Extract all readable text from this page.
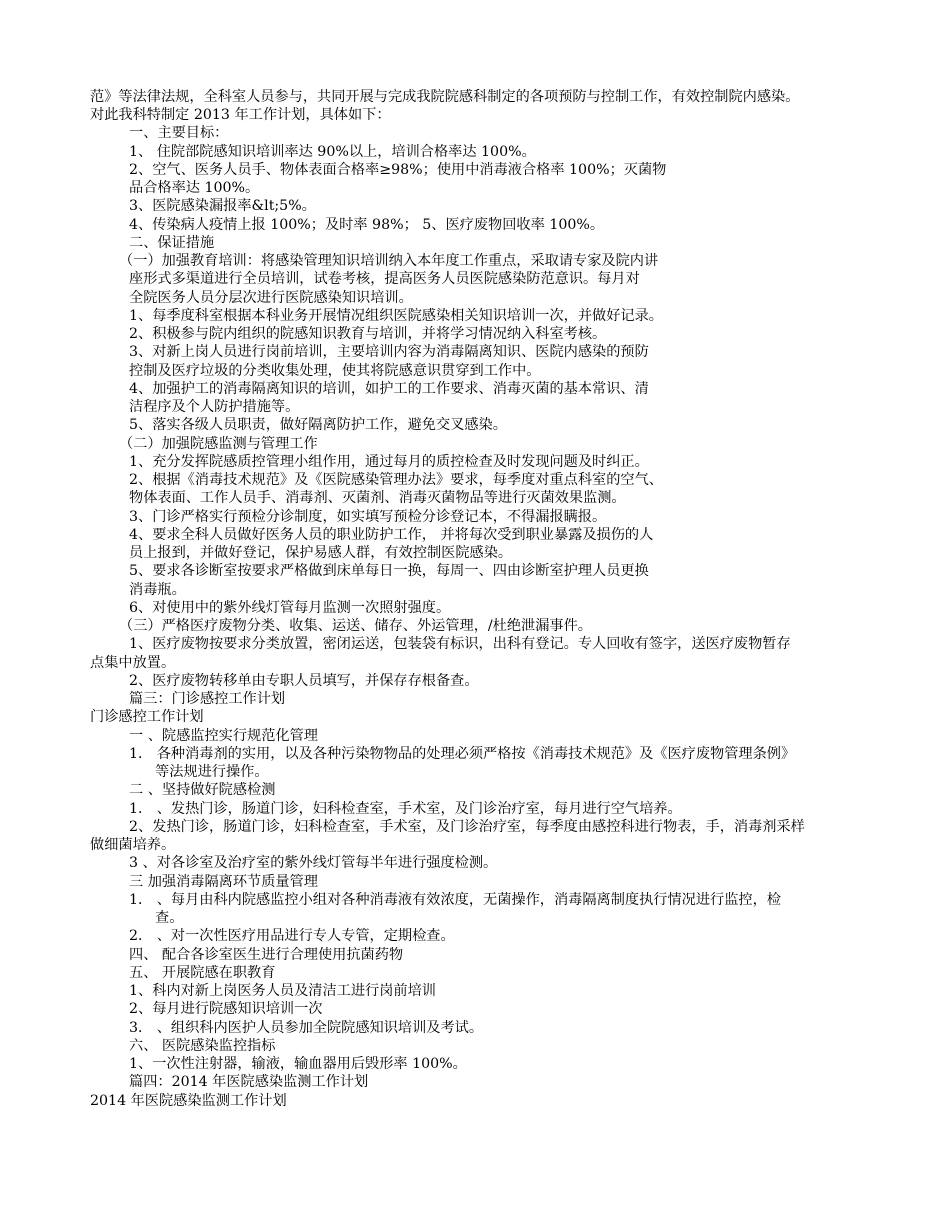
范》等法律法规，全科室人员参与，共同开展与完成我院院感科制定的各项预防与控制工作，有效控制院内感染。
对此我科特制定 2013 年工作计划，具体如下：
一、主要目标：
1、 住院部院感知识培训率达 90%以上，培训合格率达 100%。
2、空气、医务人员手、物体表面合格率≥98%；使用中消毒液合格率 100%；灭菌物
品合格率达 100%。
3、医院感染漏报率&lt;5%。
4、传染病人疫情上报 100%；及时率 98%； 5、医疗废物回收率 100%。
二、保证措施
（一）加强教育培训：将感染管理知识培训纳入本年度工作重点，采取请专家及院内讲
座形式多渠道进行全员培训，试卷考核，提高医务人员医院感染防范意识。每月对
全院医务人员分层次进行医院感染知识培训。
1、每季度科室根据本科业务开展情况组织医院感染相关知识培训一次，并做好记录。
2、积极参与院内组织的院感知识教育与培训，并将学习情况纳入科室考核。
3、对新上岗人员进行岗前培训，主要培训内容为消毒隔离知识、医院内感染的预防
控制及医疗垃圾的分类收集处理，使其将院感意识贯穿到工作中。
4、加强护工的消毒隔离知识的培训，如护工的工作要求、消毒灭菌的基本常识、清
洁程序及个人防护措施等。
5、落实各级人员职责，做好隔离防护工作，避免交叉感染。
（二）加强院感监测与管理工作
1、充分发挥院感质控管理小组作用，通过每月的质控检查及时发现问题及时纠正。
2、根据《消毒技术规范》及《医院感染管理办法》要求，每季度对重点科室的空气、
物体表面、工作人员手、消毒剂、灭菌剂、消毒灭菌物品等进行灭菌效果监测。
3、门诊严格实行预检分诊制度，如实填写预检分诊登记本，不得漏报瞒报。
4、要求全科人员做好医务人员的职业防护工作， 并将每次受到职业暴露及损伤的人
员上报到，并做好登记，保护易感人群，有效控制医院感染。
5、要求各诊断室按要求严格做到床单每日一换，每周一、四由诊断室护理人员更换
消毒瓶。
6、对使用中的紫外线灯管每月监测一次照射强度。
（三）严格医疗废物分类、收集、运送、储存、外运管理，/杜绝泄漏事件。
1、医疗废物按要求分类放置，密闭运送，包装袋有标识，出科有登记。专人回收有签字，送医疗废物暂存
点集中放置。
2、医疗废物转移单由专职人员填写，并保存存根备查。
篇三：门诊感控工作计划
门诊感控工作计划
一 、院感监控实行规范化管理
1． 各种消毒剂的实用，以及各种污染物物品的处理必须严格按《消毒技术规范》及《医疗废物管理条例》
等法规进行操作。
二 、坚持做好院感检测
1． 、发热门诊，肠道门诊，妇科检查室，手术室，及门诊治疗室，每月进行空气培养。
2、发热门诊，肠道门诊，妇科检查室，手术室，及门诊治疗室，每季度由感控科进行物表，手，消毒剂采样
做细菌培养。
3 、对各诊室及治疗室的紫外线灯管每半年进行强度检测。
三 加强消毒隔离环节质量管理
1． 、每月由科内院感监控小组对各种消毒液有效浓度，无菌操作，消毒隔离制度执行情况进行监控，检
查。
2． 、对一次性医疗用品进行专人专管，定期检查。
四、 配合各诊室医生进行合理使用抗菌药物
五、 开展院感在职教育
1、科内对新上岗医务人员及清洁工进行岗前培训
2、每月进行院感知识培训一次
3． 、组织科内医护人员参加全院院感知识培训及考试。
六、 医院感染监控指标
1、一次性注射器，输液，输血器用后毁形率 100%。
篇四：2014 年医院感染监测工作计划
2014 年医院感染监测工作计划
